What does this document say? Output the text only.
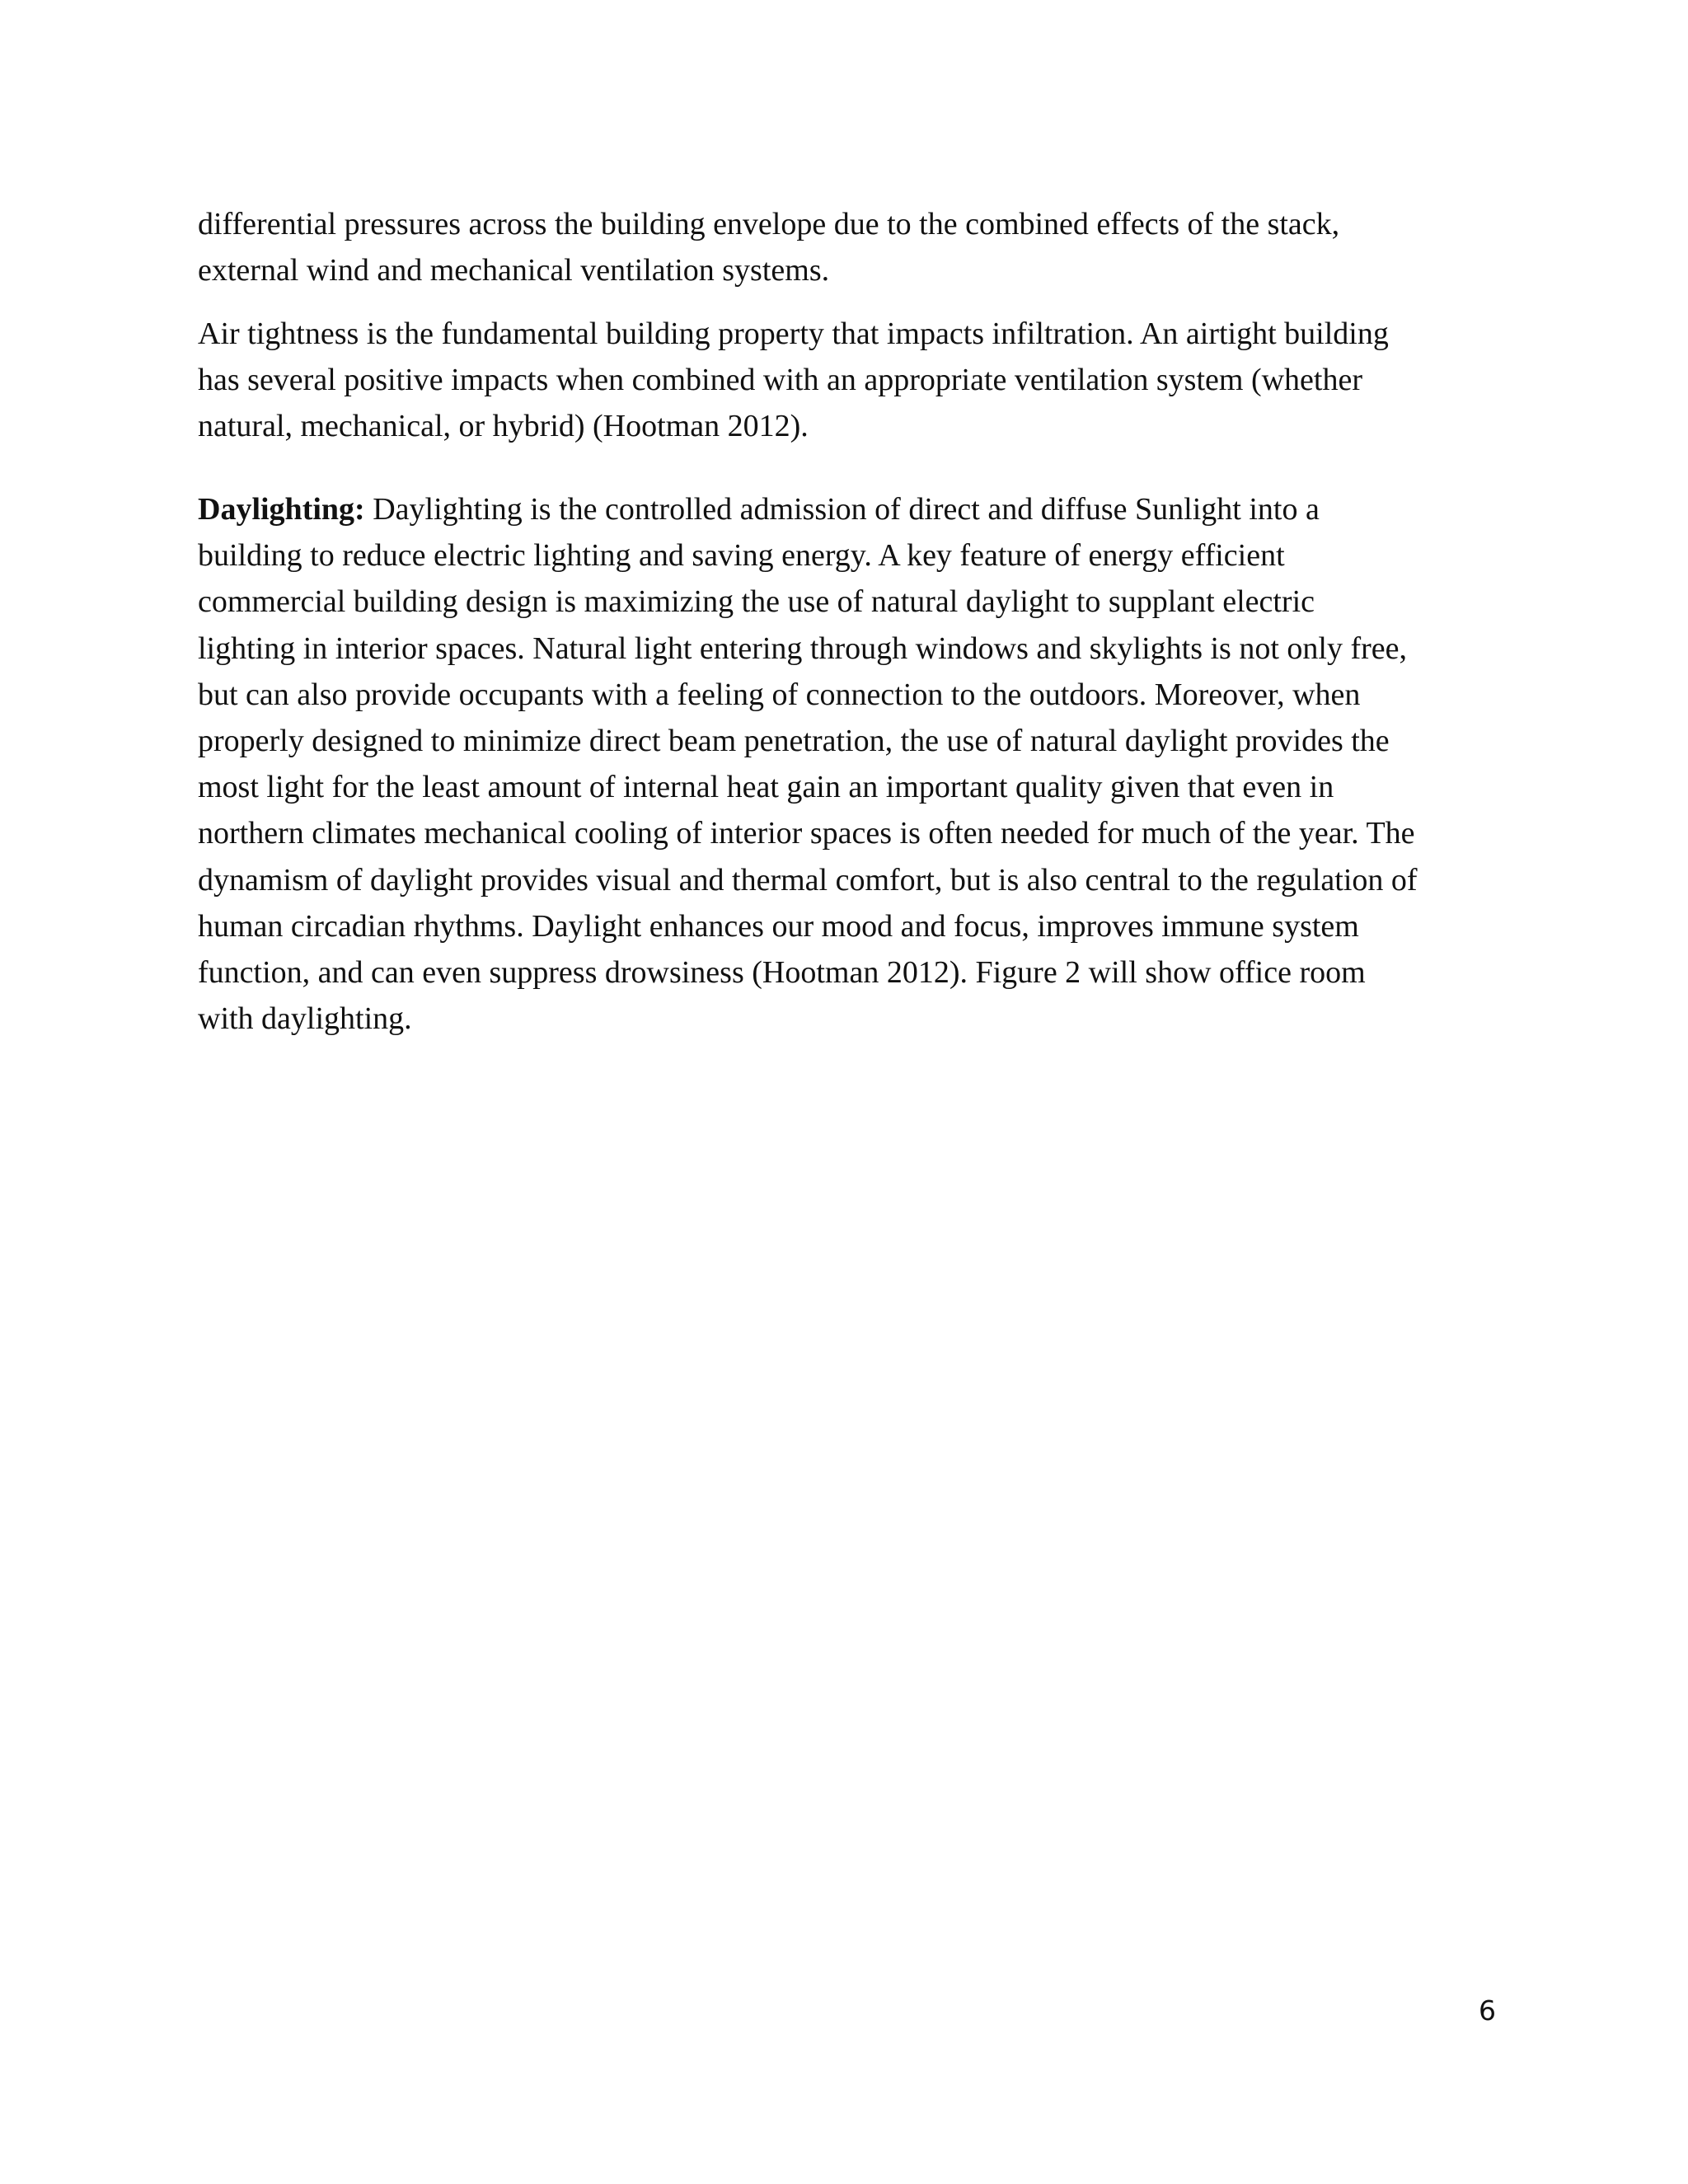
differential pressures across the building envelope due to the combined effects of the stack,
external wind and mechanical ventilation systems.
Air tightness is the fundamental building property that impacts infiltration. An airtight building
has several positive impacts when combined with an appropriate ventilation system (whether
natural, mechanical, or hybrid) (Hootman 2012).
Daylighting: Daylighting is the controlled admission of direct and diffuse Sunlight into a
building to reduce electric lighting and saving energy. A key feature of energy efficient
commercial building design is maximizing the use of natural daylight to supplant electric
lighting in interior spaces. Natural light entering through windows and skylights is not only free,
but can also provide occupants with a feeling of connection to the outdoors. Moreover, when
properly designed to minimize direct beam penetration, the use of natural daylight provides the
most light for the least amount of internal heat gain an important quality given that even in
northern climates mechanical cooling of interior spaces is often needed for much of the year. The
dynamism of daylight provides visual and thermal comfort, but is also central to the regulation of
human circadian rhythms. Daylight enhances our mood and focus, improves immune system
function, and can even suppress drowsiness (Hootman 2012). Figure 2 will show office room
with daylighting.
6
